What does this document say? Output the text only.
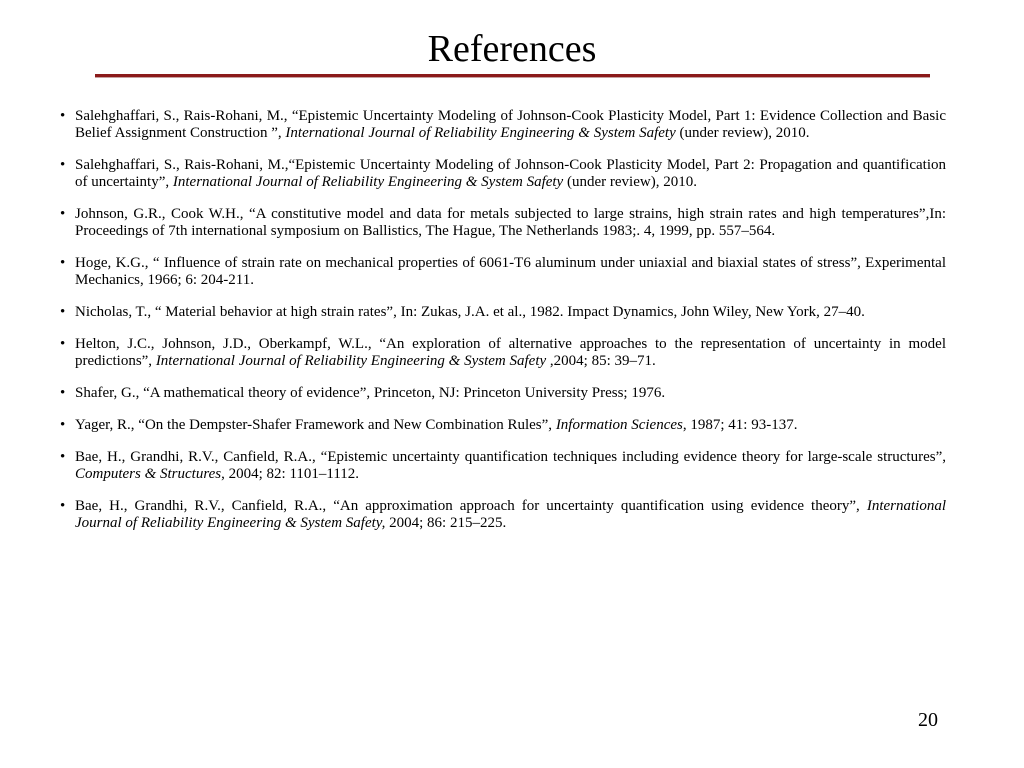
References
• Salehghaffari, S., Rais-Rohani, M., “Epistemic Uncertainty Modeling of Johnson-Cook Plasticity Model, Part 1: Evidence Collection and Basic Belief Assignment Construction ”, International Journal of Reliability Engineering & System Safety (under review), 2010.
• Salehghaffari, S., Rais-Rohani, M.,“Epistemic Uncertainty Modeling of Johnson-Cook Plasticity Model, Part 2: Propagation and quantification of uncertainty”, International Journal of Reliability Engineering & System Safety (under review), 2010.
• Johnson, G.R., Cook W.H., “A constitutive model and data for metals subjected to large strains, high strain rates and high temperatures”,In: Proceedings of 7th international symposium on Ballistics, The Hague, The Netherlands 1983;. 4, 1999, pp. 557–564.
• Hoge, K.G., “ Influence of strain rate on mechanical properties of 6061-T6 aluminum under uniaxial and biaxial states of stress”, Experimental Mechanics, 1966; 6: 204-211.
• Nicholas, T., “ Material behavior at high strain rates”, In: Zukas, J.A. et al., 1982. Impact Dynamics, John Wiley, New York, 27–40.
• Helton, J.C., Johnson, J.D., Oberkampf, W.L., “An exploration of alternative approaches to the representation of uncertainty in model predictions”, International Journal of Reliability Engineering & System Safety ,2004; 85: 39–71.
• Shafer, G., “A mathematical theory of evidence”, Princeton, NJ: Princeton University Press; 1976.
• Yager, R., “On the Dempster-Shafer Framework and New Combination Rules”, Information Sciences, 1987; 41: 93-137.
• Bae, H., Grandhi, R.V., Canfield, R.A., “Epistemic uncertainty quantification techniques including evidence theory for large-scale structures”, Computers & Structures, 2004; 82: 1101–1112.
• Bae, H., Grandhi, R.V., Canfield, R.A., “An approximation approach for uncertainty quantification using evidence theory”, International Journal of Reliability Engineering & System Safety, 2004; 86: 215–225.
20
